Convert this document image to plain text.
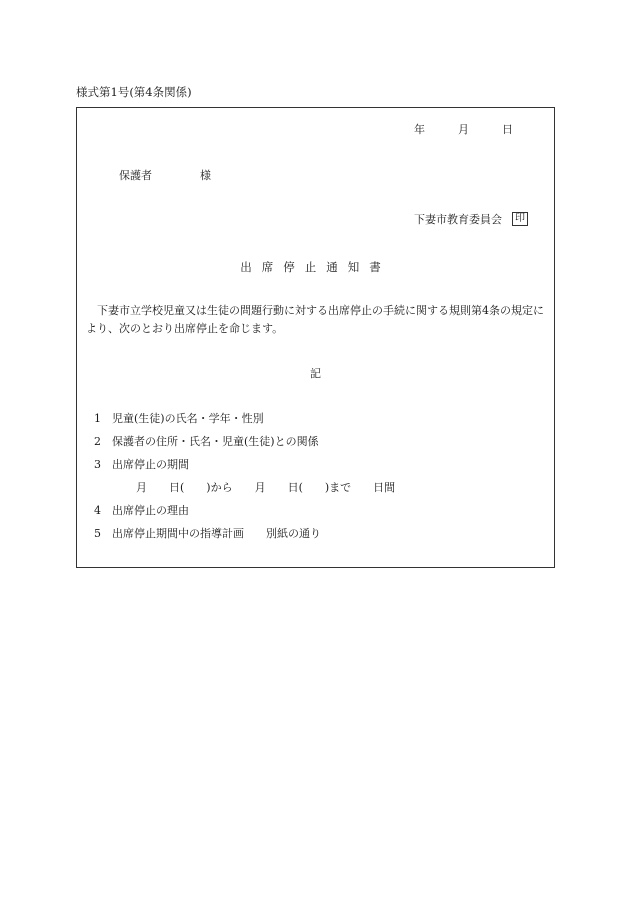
様式第1号(第4条関係)
年　　　	月　　　	日
保護者	様
下妻市教育委員会	印
出席停止通知書
下妻市立学校児童又は生徒の問題行動に対する出席停止の手続に関する規則第4条の規定により、次のとおり出席停止を命じます。
記
1 児童(生徒)の氏名・学年・性別
2 保護者の住所・氏名・児童(生徒)との関係
3 出席停止の期間
月　　日(　　)から　　月　　日(　　)まで　　日間
4 出席停止の理由
5 出席停止期間中の指導計画　　別紙の通り
